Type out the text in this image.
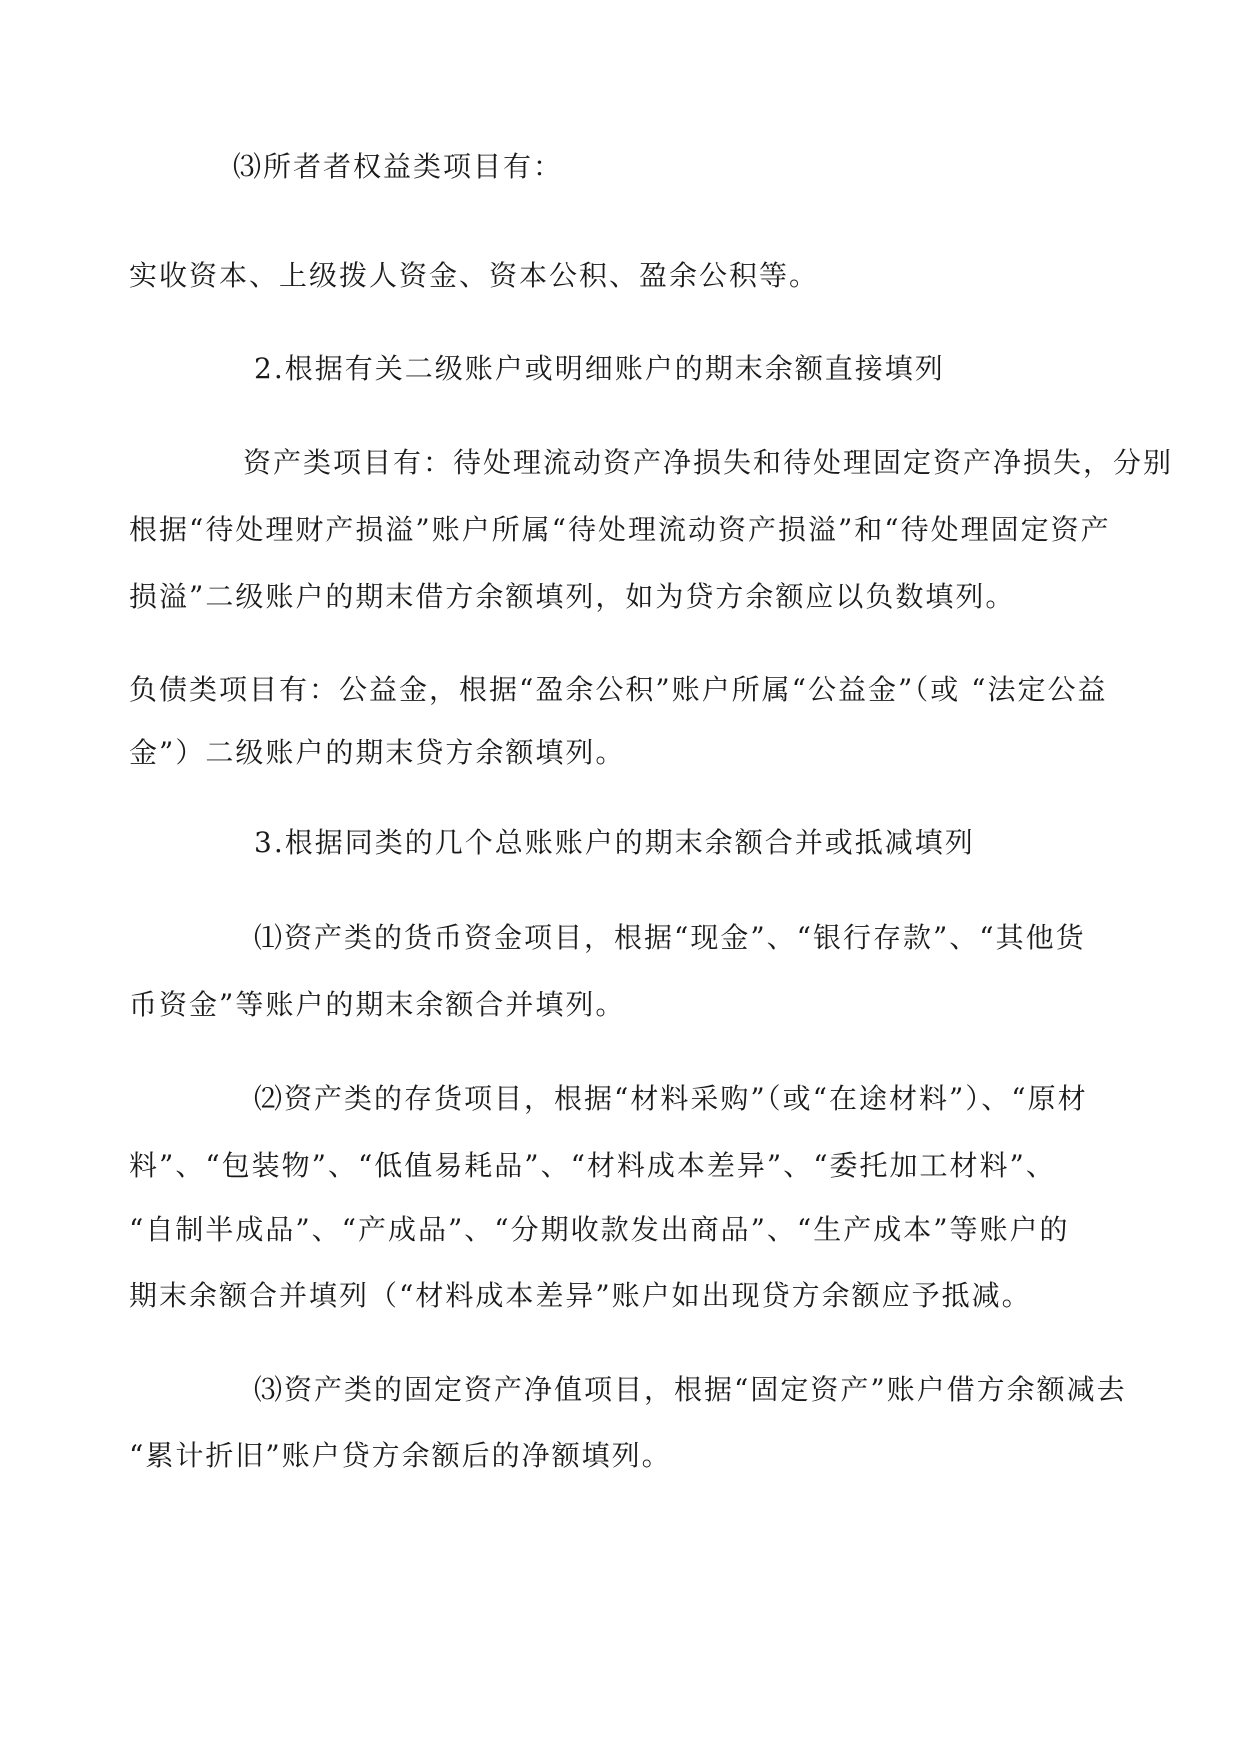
⑶所者者权益类项目有：
实收资本、上级拨人资金、资本公积、盈余公积等。
2.根据有关二级账户或明细账户的期末余额直接填列
资产类项目有：待处理流动资产净损失和待处理固定资产净损失，分别
根据“待处理财产损溢”账户所属“待处理流动资产损溢”和“待处理固定资产
损溢”二级账户的期末借方余额填列，如为贷方余额应以负数填列。
负债类项目有：公益金，根据“盈余公积”账户所属“公益金”（或 “法定公益
金”）二级账户的期末贷方余额填列。
3.根据同类的几个总账账户的期末余额合并或抵减填列
⑴资产类的货币资金项目，根据“现金”、“银行存款”、“其他货
币资金”等账户的期末余额合并填列。
⑵资产类的存货项目，根据“材料采购”（或“在途材料”）、“原材
料”、“包装物”、“低值易耗品”、“材料成本差异”、“委托加工材料”、
“自制半成品”、“产成品”、“分期收款发出商品”、“生产成本”等账户的
期末余额合并填列（“材料成本差异”账户如出现贷方余额应予抵减。
⑶资产类的固定资产净值项目，根据“固定资产”账户借方余额减去
“累计折旧”账户贷方余额后的净额填列。
